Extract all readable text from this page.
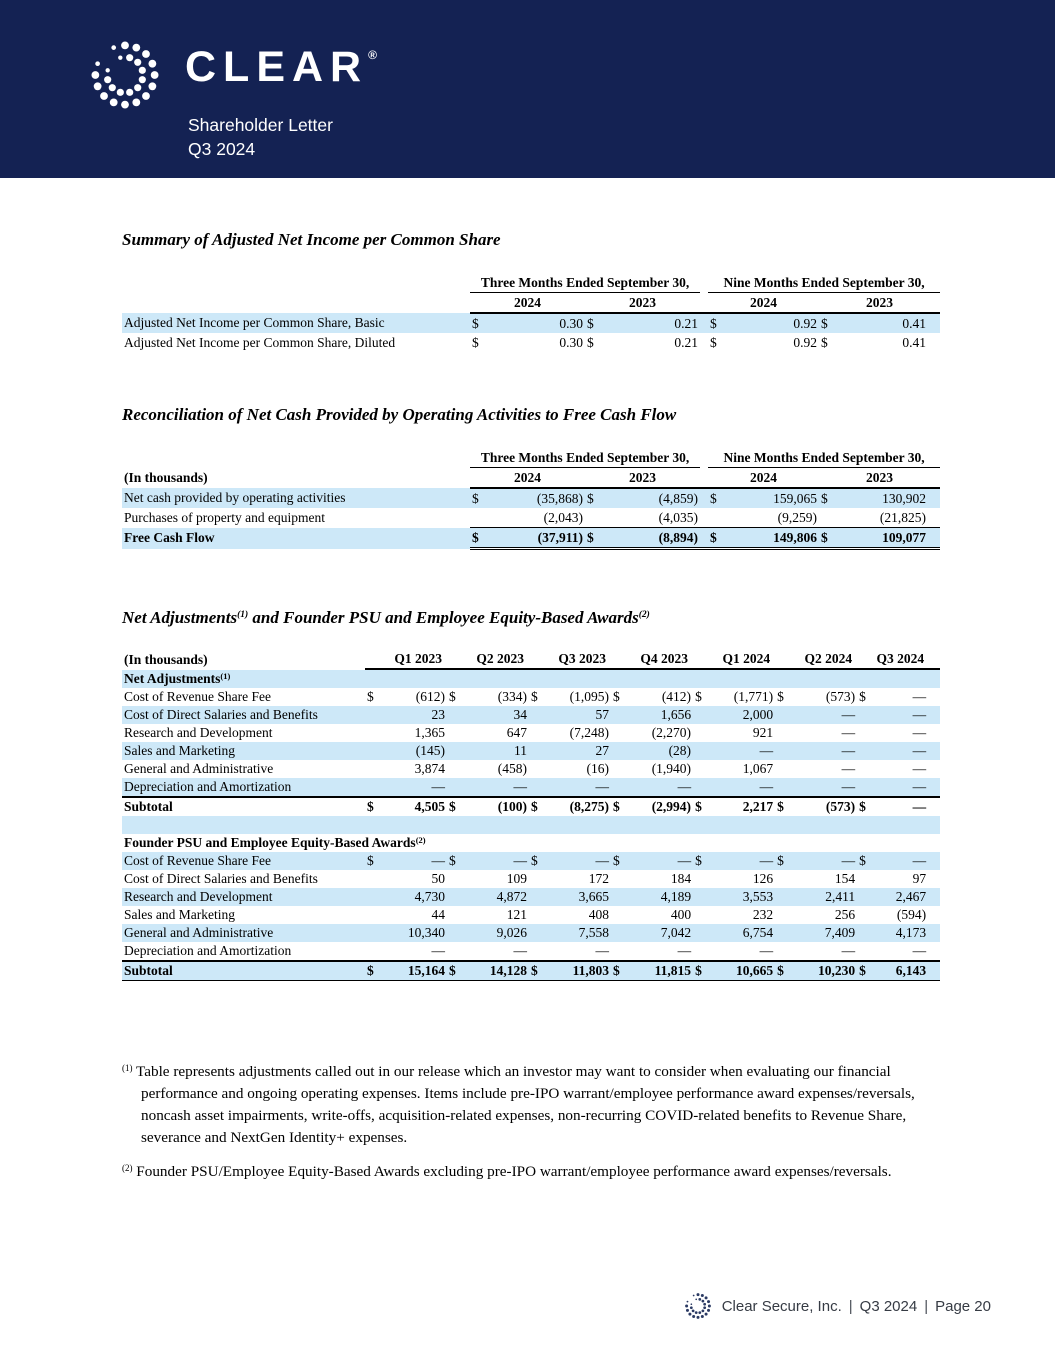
CLEAR®
Shareholder Letter
Q3 2024
Summary of Adjusted Net Income per Common Share
	Three Months Ended September 30,					Nine Months Ended September 30,			
	2024		2023			2024		2023	
Adjusted Net Income per Common Share, Basic	$	0.30	$	0.21		$	0.92	$	0.41
Adjusted Net Income per Common Share, Diluted	$	0.30	$	0.21		$	0.92	$	0.41
Reconciliation of Net Cash Provided by Operating Activities to Free Cash Flow
	Three Months Ended September 30,					Nine Months Ended September 30,			
(In thousands)	2024		2023			2024		2023	
Net cash provided by operating activities	$	(35,868)	$	(4,859)		$	159,065	$	130,902
Purchases of property and equipment		(2,043)		(4,035)			(9,259)		(21,825)
Free Cash Flow	$	(37,911)	$	(8,894)		$	149,806	$	109,077
Net Adjustments$^{(1)}$ and Founder PSU and Employee Equity-Based Awards$^{(2)}$
(In thousands)	Q1 2023		Q2 2023		Q3 2023		Q4 2023		Q1 2024		Q2 2024		Q3 2024	
Net Adjustments$^{(1)}$
Cost of Revenue Share Fee	$	(612)	$	(334)	$	(1,095)	$	(412)	$	(1,771)	$	(573)	$	—
Cost of Direct Salaries and Benefits		23		34		57		1,656		2,000		—		—
Research and Development		1,365		647		(7,248)		(2,270)		921		—		—
Sales and Marketing		(145)		11		27		(28)		—		—		—
General and Administrative		3,874		(458)		(16)		(1,940)		1,067		—		—
Depreciation and Amortization		—		—		—		—		—		—		—
Subtotal	$	4,505	$	(100)	$	(8,275)	$	(2,994)	$	2,217	$	(573)	$	—

Founder PSU and Employee Equity-Based Awards$^{(2)}$
Cost of Revenue Share Fee	$	—	$	—	$	—	$	—	$	—	$	—	$	—
Cost of Direct Salaries and Benefits		50		109		172		184		126		154		97
Research and Development		4,730		4,872		3,665		4,189		3,553		2,411		2,467
Sales and Marketing		44		121		408		400		232		256		(594)
General and Administrative		10,340		9,026		7,558		7,042		6,754		7,409		4,173
Depreciation and Amortization		—		—		—		—		—		—		—
Subtotal	$	15,164	$	14,128	$	11,803	$	11,815	$	10,665	$	10,230	$	6,143

$^{(1)}$ Table represents adjustments called out in our release which an investor may want to consider when evaluating our financial performance and ongoing operating expenses. Items include pre-IPO warrant/employee performance award expenses/reversals, noncash asset impairments, write-offs, acquisition-related expenses, non-recurring COVID-related benefits to Revenue Share, severance and NextGen Identity+ expenses.

$^{(2)}$ Founder PSU/Employee Equity-Based Awards excluding pre-IPO warrant/employee performance award expenses/reversals.

Clear Secure, Inc. | Q3 2024 | Page 20
